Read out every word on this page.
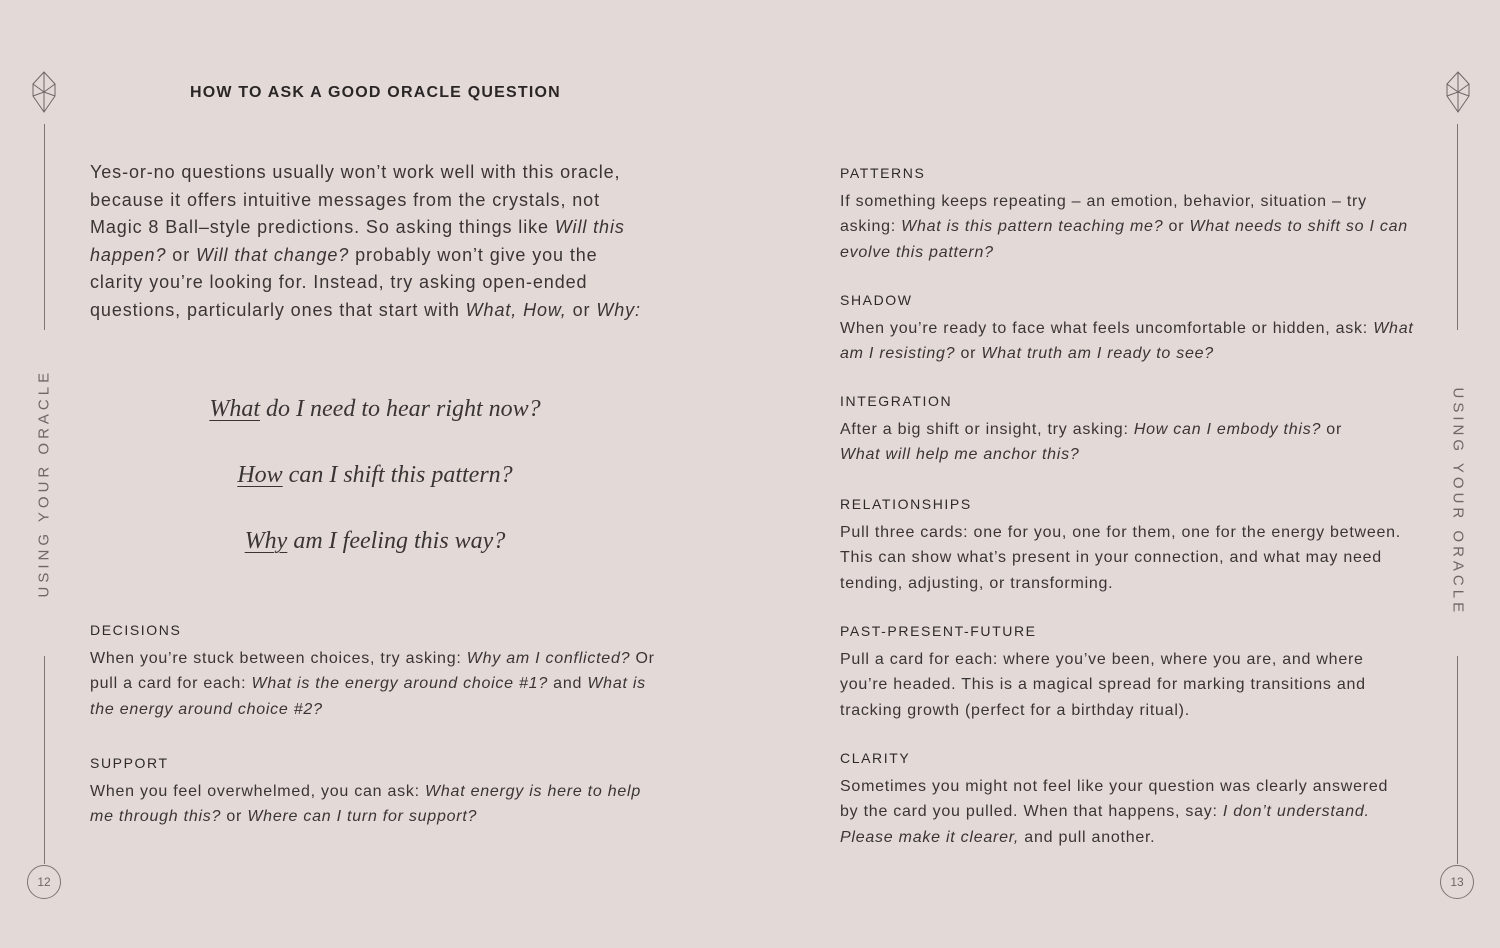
USING YOUR ORACLE
12
USING YOUR ORACLE
13
HOW TO ASK A GOOD ORACLE QUESTION

Yes-or-no questions usually won’t work well with this oracle, because it offers intuitive messages from the crystals, not Magic 8 Ball–style predictions. So asking things like Will this happen? or Will that change? probably won’t give you the clarity you’re looking for. Instead, try asking open-ended questions, particularly ones that start with What, How, or Why:

What do I need to hear right now?
How can I shift this pattern?
Why am I feeling this way?
DECISIONS

When you’re stuck between choices, try asking: Why am I conflicted? Or pull a card for each: What is the energy around choice #1? and What is the energy around choice #2?

SUPPORT

When you feel overwhelmed, you can ask: What energy is here to help me through this? or Where can I turn for support?

PATTERNS

If something keeps repeating – an emotion, behavior, situation – try asking: What is this pattern teaching me? or What needs to shift so I can evolve this pattern?

SHADOW

When you’re ready to face what feels uncomfortable or hidden, ask: What am I resisting? or What truth am I ready to see?

INTEGRATION

After a big shift or insight, try asking: How can I embody this? or What will help me anchor this?

RELATIONSHIPS

Pull three cards: one for you, one for them, one for the energy between. This can show what’s present in your connection, and what may need tending, adjusting, or transforming.

PAST-PRESENT-FUTURE

Pull a card for each: where you’ve been, where you are, and where you’re headed. This is a magical spread for marking transitions and tracking growth (perfect for a birthday ritual).

CLARITY

Sometimes you might not feel like your question was clearly answered by the card you pulled. When that happens, say: I don’t understand. Please make it clearer, and pull another.
